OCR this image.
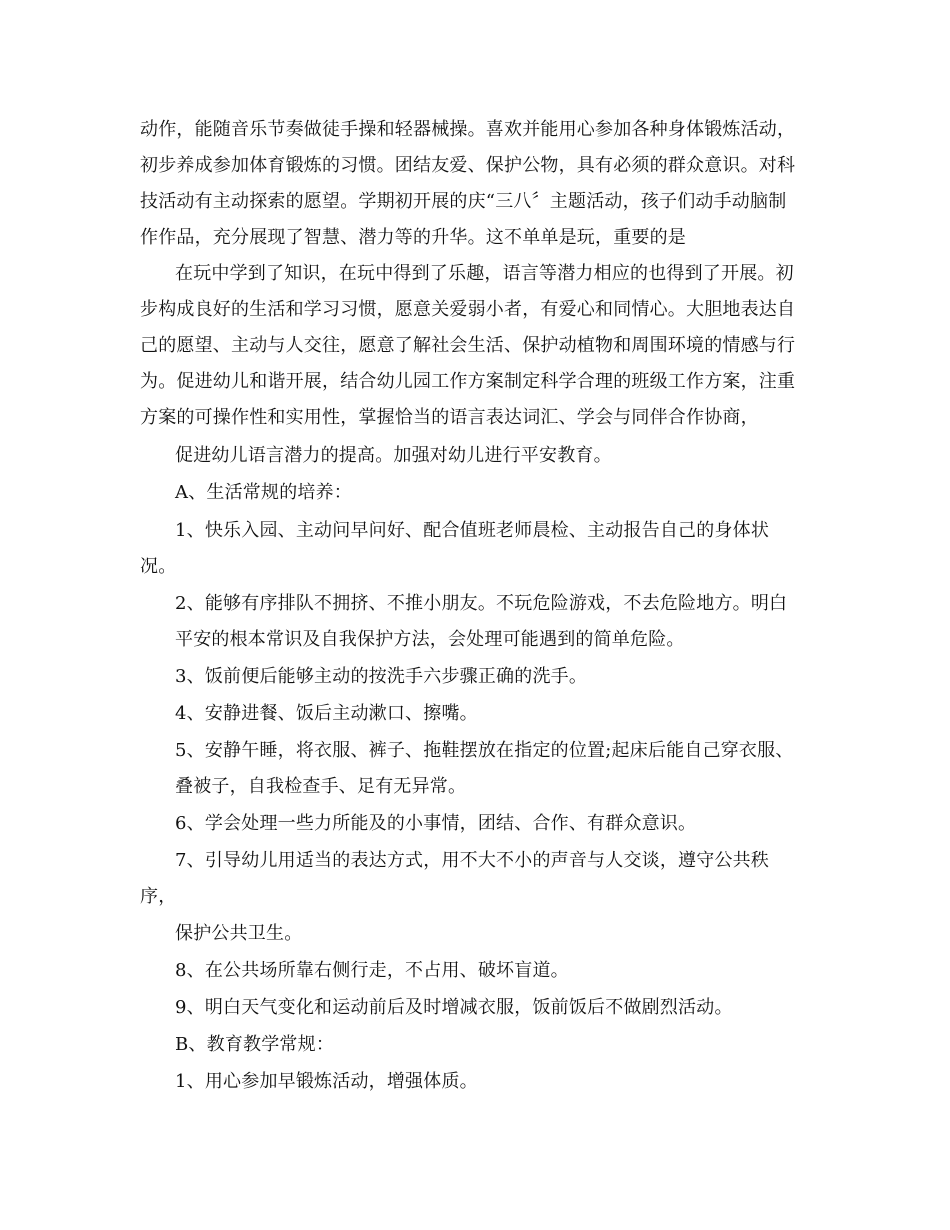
动作，能随音乐节奏做徒手操和轻器械操。喜欢并能用心参加各种身体锻炼活动，
初步养成参加体育锻炼的习惯。团结友爱、保护公物，具有必须的群众意识。对科
技活动有主动探索的愿望。学期初开展的庆“三八〞主题活动，孩子们动手动脑制
作作品，充分展现了智慧、潜力等的升华。这不单单是玩，重要的是
在玩中学到了知识，在玩中得到了乐趣，语言等潜力相应的也得到了开展。初
步构成良好的生活和学习习惯，愿意关爱弱小者，有爱心和同情心。大胆地表达自
己的愿望、主动与人交往，愿意了解社会生活、保护动植物和周围环境的情感与行
为。促进幼儿和谐开展，结合幼儿园工作方案制定科学合理的班级工作方案，注重
方案的可操作性和实用性，掌握恰当的语言表达词汇、学会与同伴合作协商，
促进幼儿语言潜力的提高。加强对幼儿进行平安教育。
A、生活常规的培养：
1、快乐入园、主动问早问好、配合值班老师晨检、主动报告自己的身体状
况。
2、能够有序排队不拥挤、不推小朋友。不玩危险游戏，不去危险地方。明白
平安的根本常识及自我保护方法，会处理可能遇到的简单危险。
3、饭前便后能够主动的按洗手六步骤正确的洗手。
4、安静进餐、饭后主动漱口、擦嘴。
5、安静午睡，将衣服、裤子、拖鞋摆放在指定的位置;起床后能自己穿衣服、
叠被子，自我检查手、足有无异常。
6、学会处理一些力所能及的小事情，团结、合作、有群众意识。
7、引导幼儿用适当的表达方式，用不大不小的声音与人交谈，遵守公共秩
序，
保护公共卫生。
8、在公共场所靠右侧行走，不占用、破坏盲道。
9、明白天气变化和运动前后及时增减衣服，饭前饭后不做剧烈活动。
B、教育教学常规：
1、用心参加早锻炼活动，增强体质。
